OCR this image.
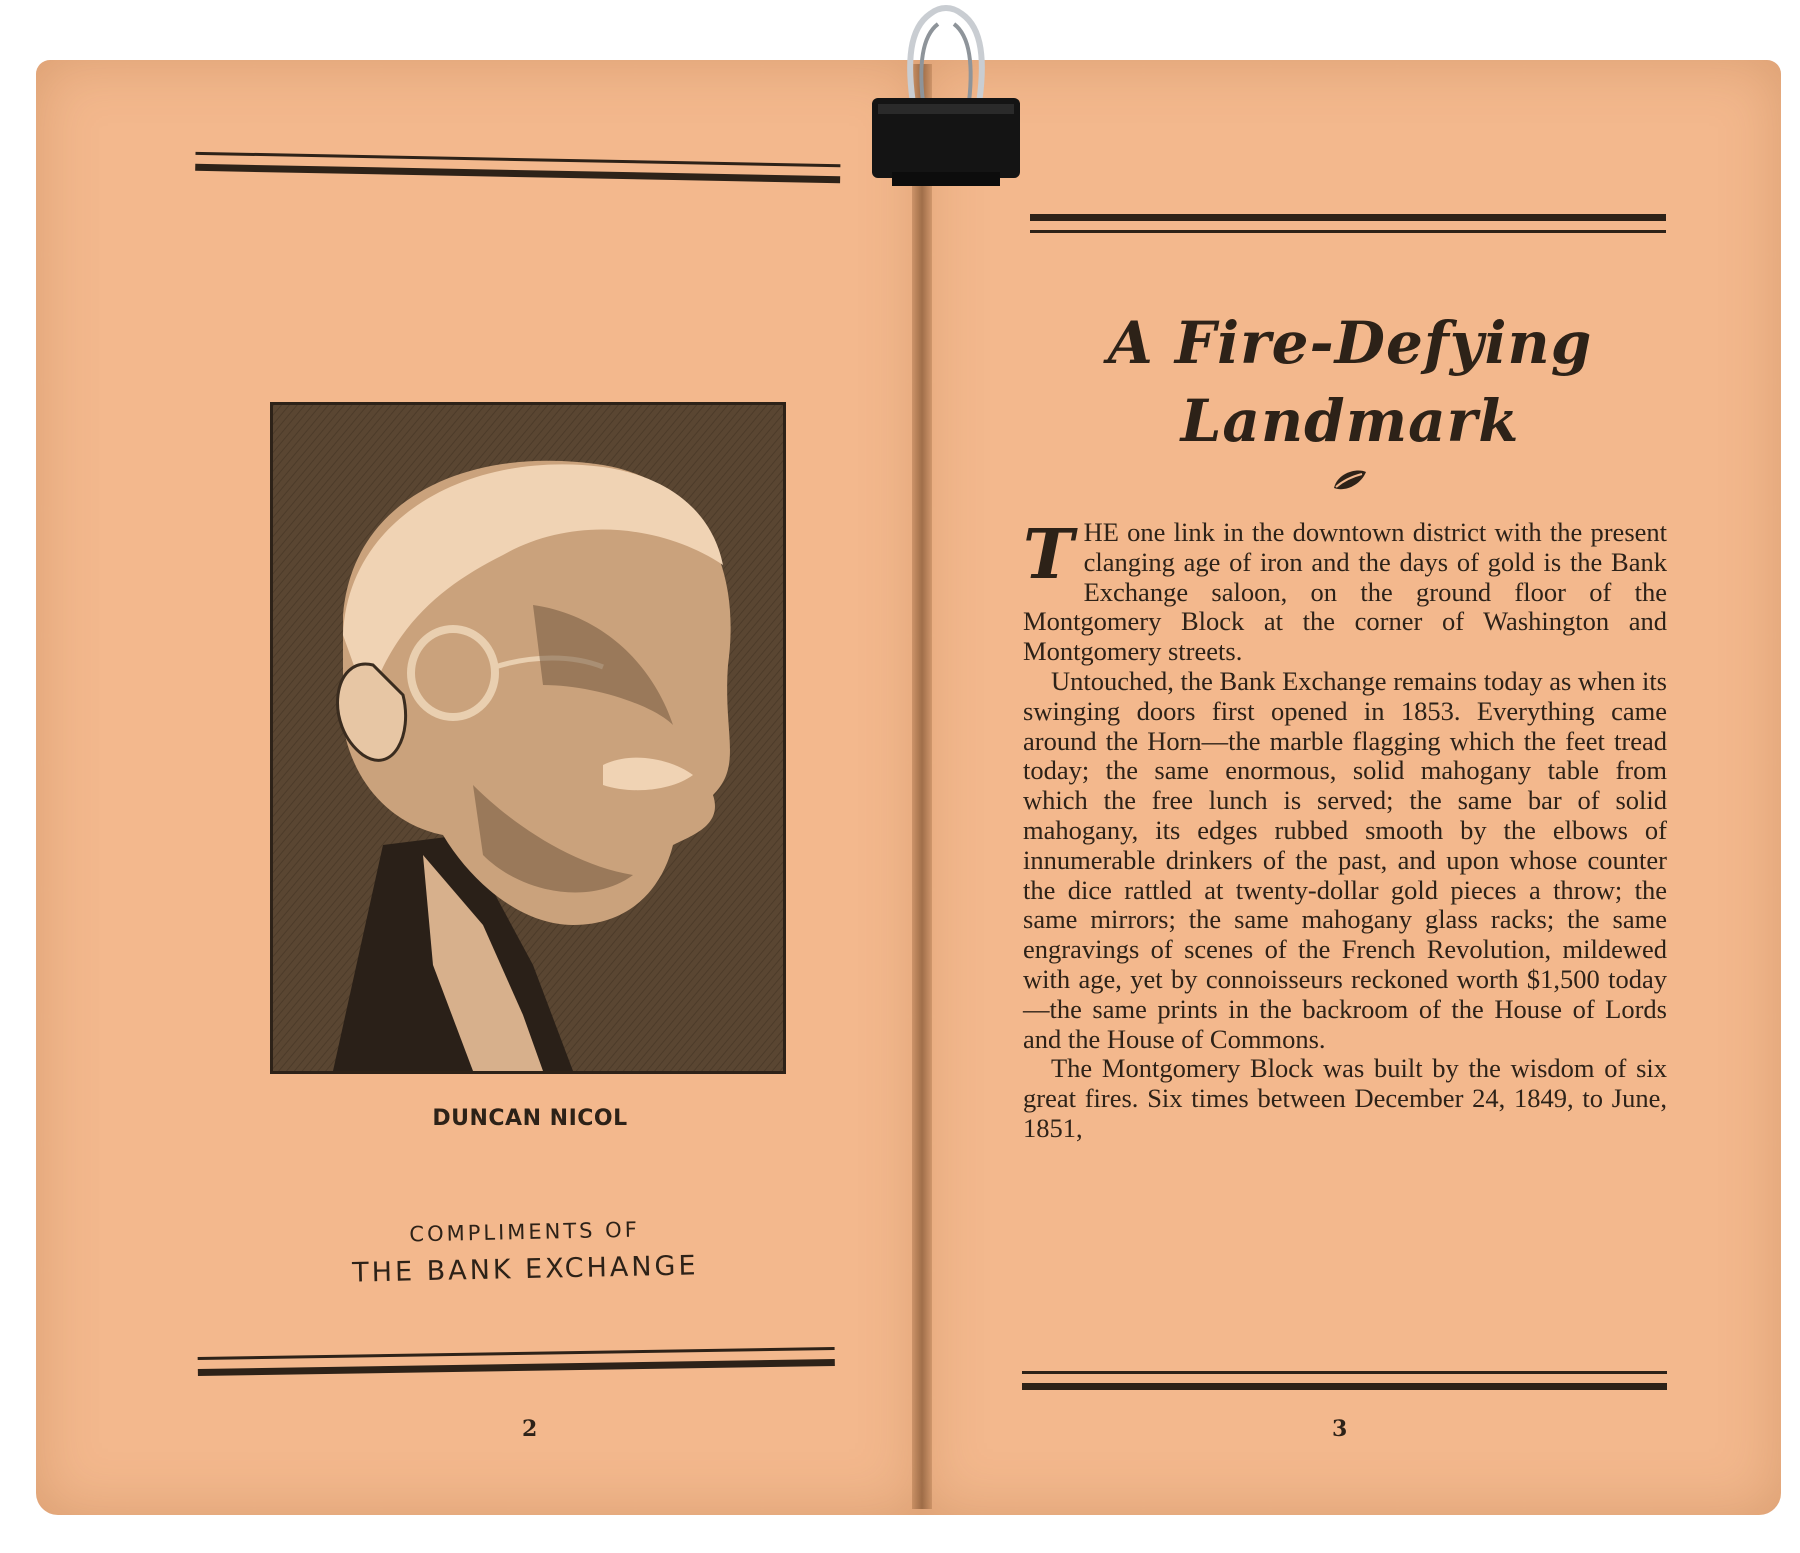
DUNCAN NICOL
COMPLIMENTS OF
THE BANK EXCHANGE
2
A Fire-Defying
Landmark

THE one link in the downtown district with the present clanging age of iron and the days of gold is the Bank Exchange saloon, on the ground floor of the Montgomery Block at the corner of Washington and Montgomery streets.

Untouched, the Bank Exchange remains today as when its swinging doors first opened in 1853. Everything came around the Horn—the marble flagging which the feet tread today; the same enormous, solid mahogany table from which the free lunch is served; the same bar of solid mahogany, its edges rubbed smooth by the elbows of innumerable drinkers of the past, and upon whose counter the dice rattled at twenty-dollar gold pieces a throw; the same mirrors; the same mahogany glass racks; the same engravings of scenes of the French Revolution, mildewed with age, yet by connoisseurs reckoned worth $1,500 today—the same prints in the backroom of the House of Lords and the House of Commons.

The Montgomery Block was built by the wisdom of six great fires. Six times between December 24, 1849, to June, 1851,

3
